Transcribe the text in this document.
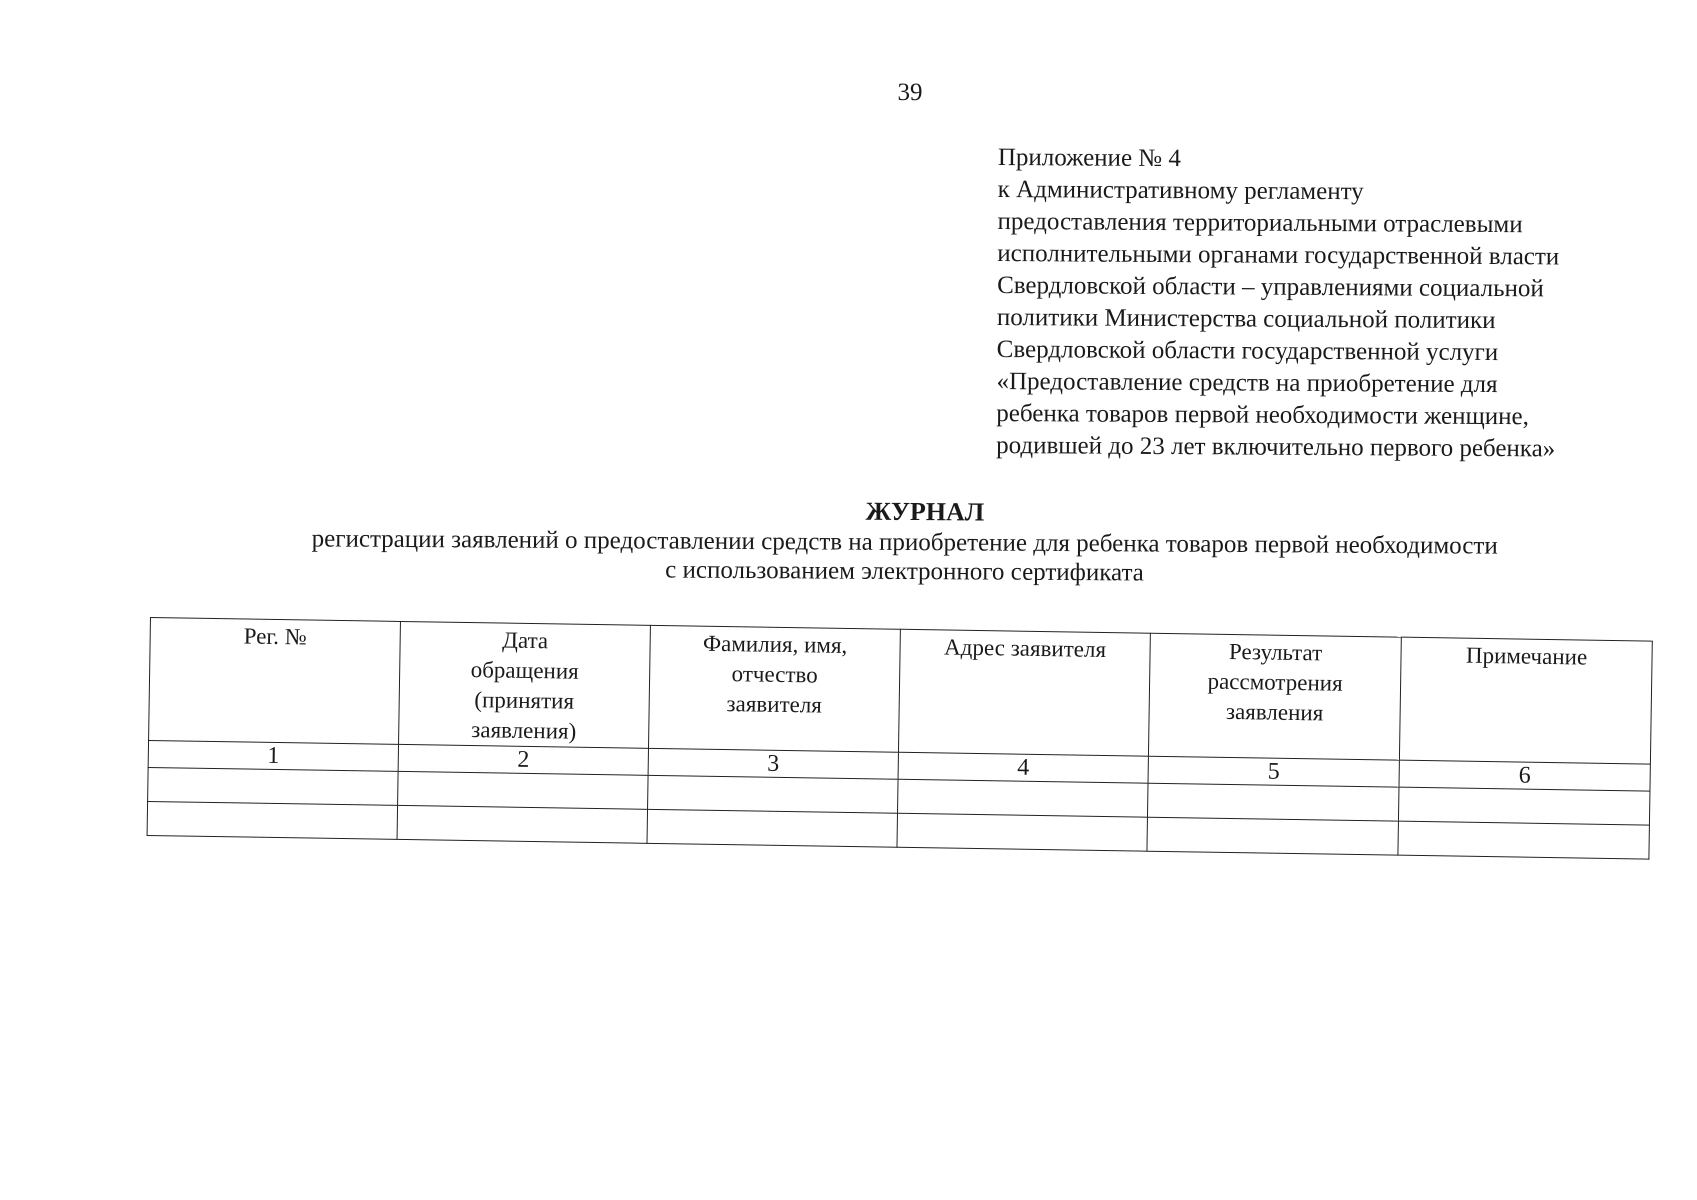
39
Приложение № 4
к Административному регламенту
предоставления территориальными отраслевыми
исполнительными органами государственной власти
Свердловской области – управлениями социальной
политики Министерства социальной политики
Свердловской области государственной услуги
«Предоставление средств на приобретение для
ребенка товаров первой необходимости женщине,
родившей до 23 лет включительно первого ребенка»
ЖУРНАЛ
регистрации заявлений о предоставлении средств на приобретение для ребенка товаров первой необходимости
с использованием электронного сертификата
Рег. №	Дата
обращения
(принятия
заявления)	Фамилия, имя,
отчество
заявителя	Адрес заявителя	Результат
рассмотрения
заявления	Примечание

1	2	3	4	5	6
